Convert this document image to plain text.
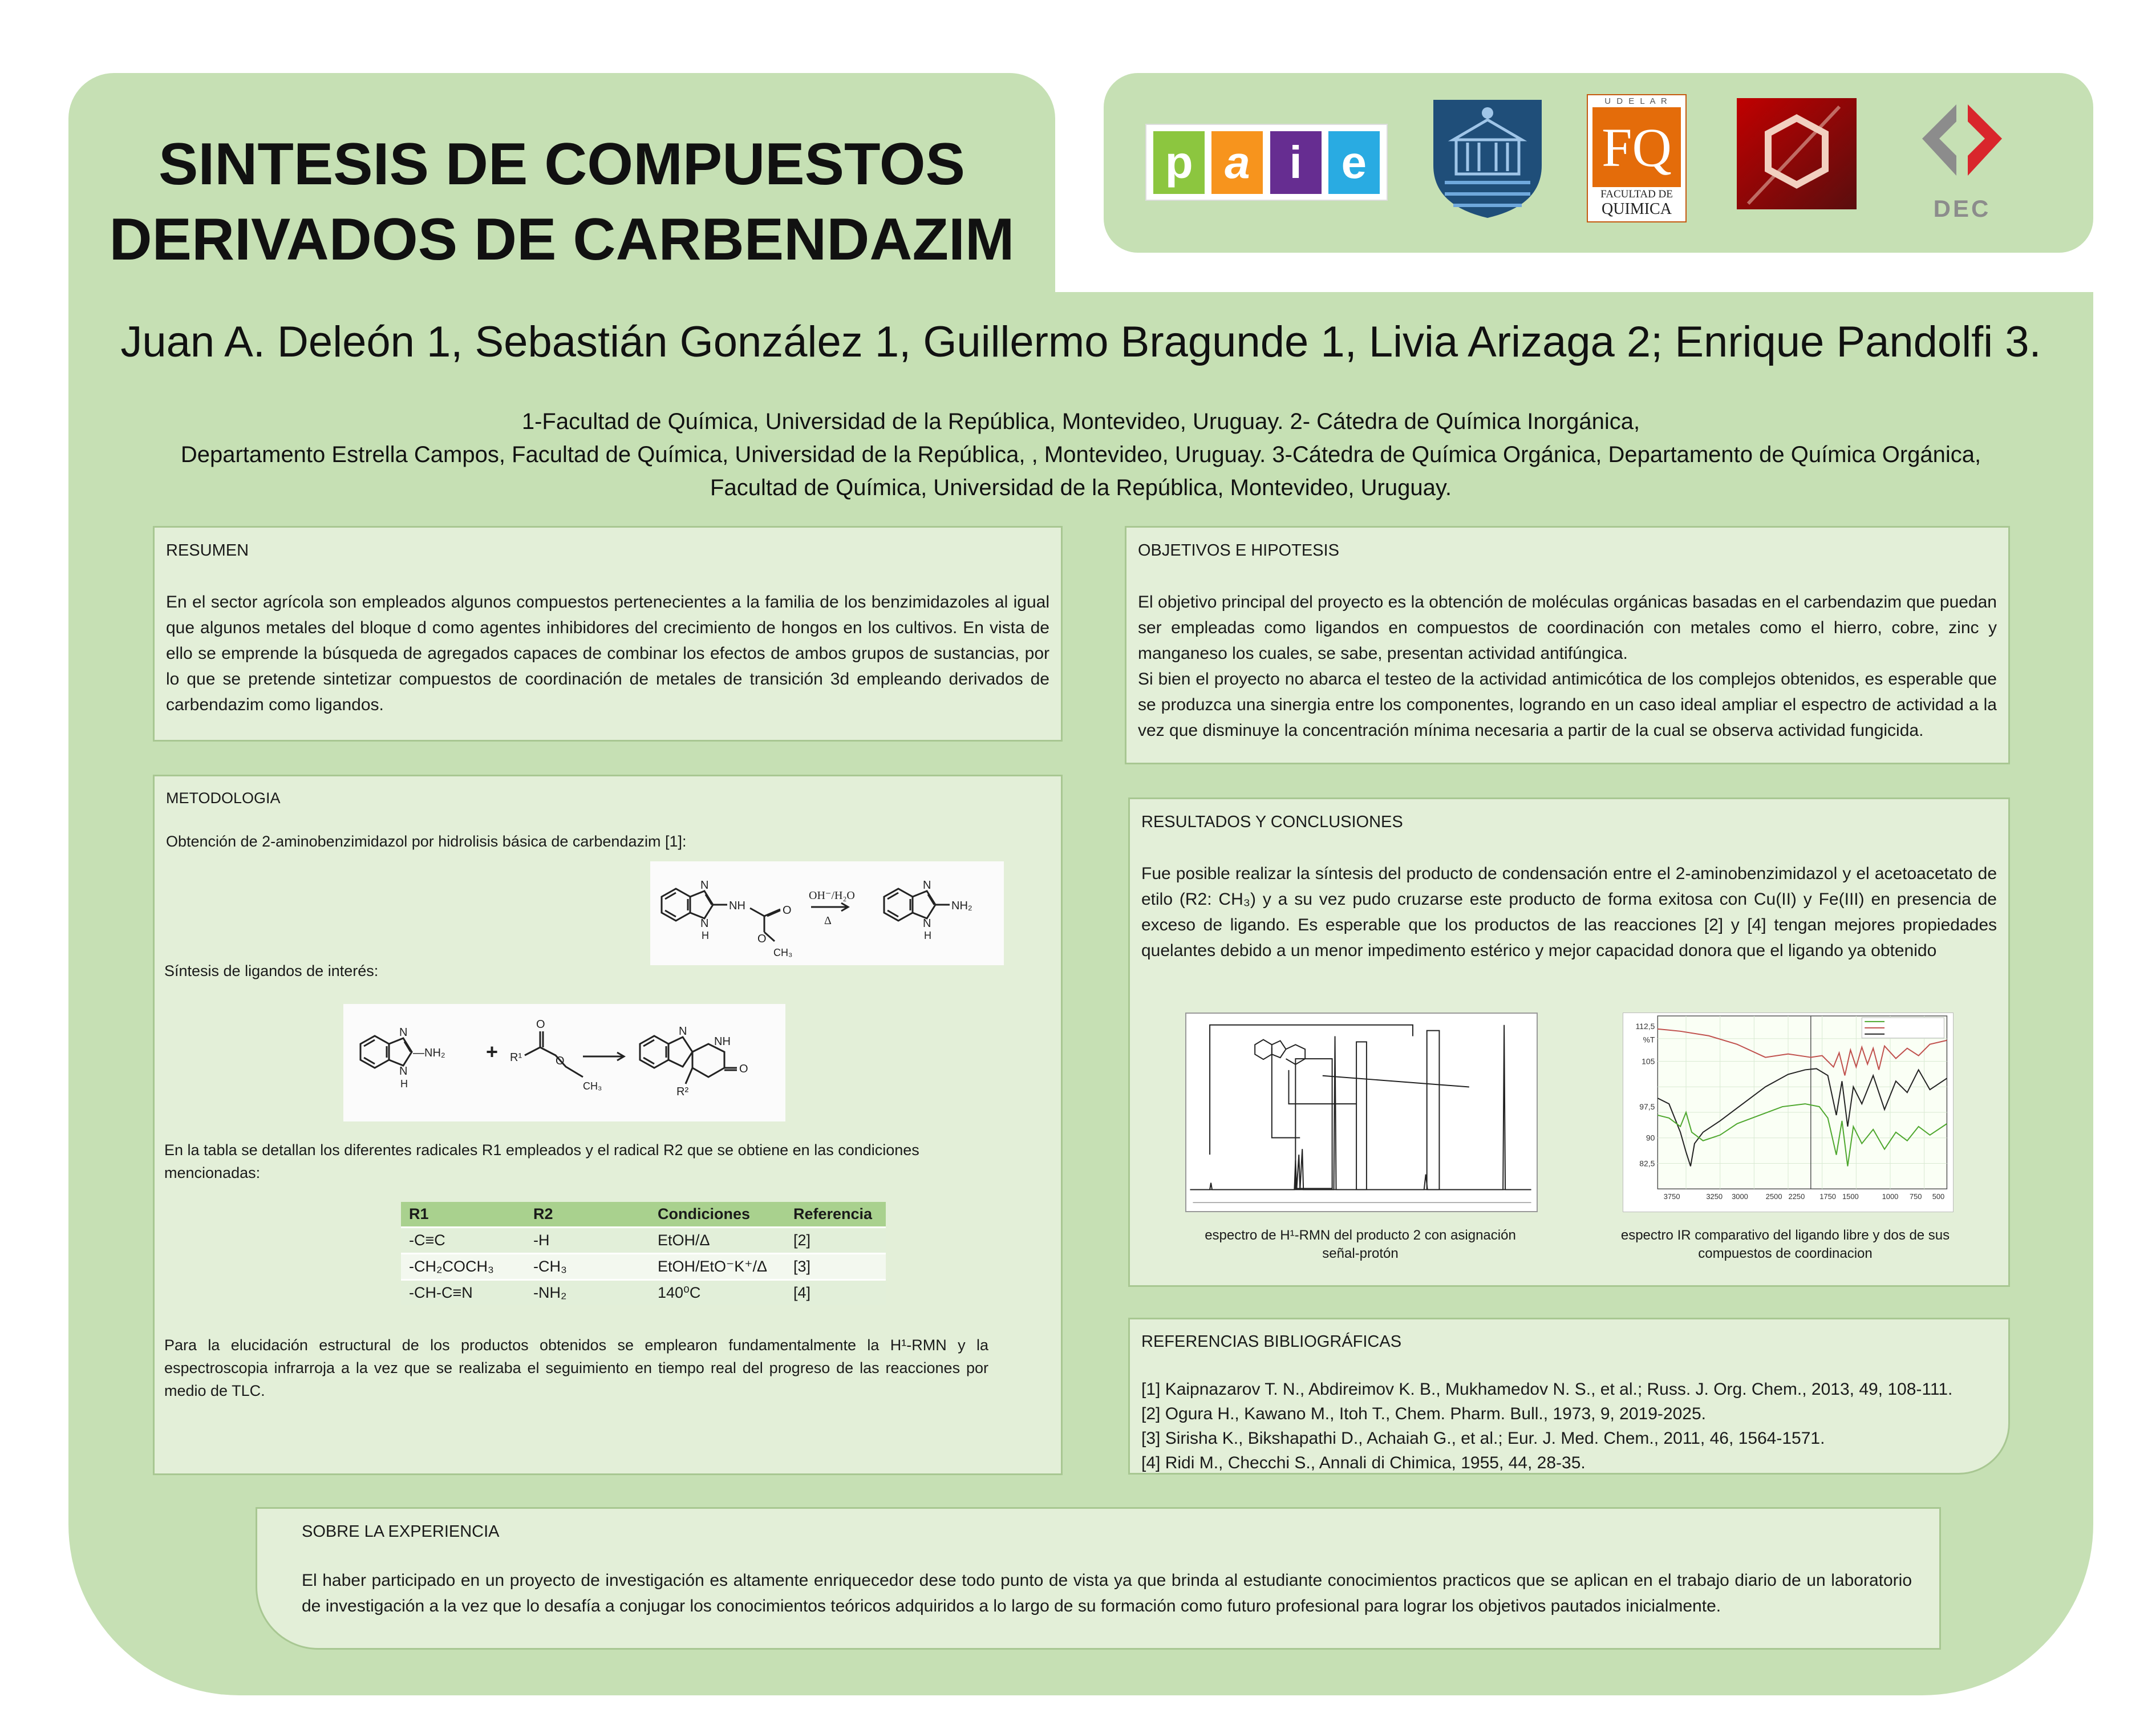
SINTESIS DE COMPUESTOS
DERIVADOS DE CARBENDAZIM
p a i e
U D E L A R
FQ
FACULTAD DE
QUIMICA	DEC
Juan A. Deleón 1, Sebastián González 1, Guillermo Bragunde 1, Livia Arizaga 2; Enrique Pandolfi 3.
1-Facultad de Química, Universidad de la República, Montevideo, Uruguay. 2- Cátedra de Química Inorgánica,
Departamento Estrella Campos, Facultad de Química, Universidad de la República, , Montevideo, Uruguay. 3-Cátedra de Química Orgánica, Departamento de Química Orgánica,
Facultad de Química, Universidad de la República, Montevideo, Uruguay.
RESUMEN
En el sector agrícola son empleados algunos compuestos pertenecientes a la familia de los benzimidazoles al igual que algunos metales del bloque d como agentes inhibidores del crecimiento de hongos en los cultivos. En vista de ello se emprende la búsqueda de agregados capaces de combinar los efectos de ambos grupos de sustancias, por lo que se pretende sintetizar compuestos de coordinación de metales de transición 3d empleando derivados de carbendazim como ligandos.
OBJETIVOS E HIPOTESIS
El objetivo principal del proyecto es la obtención de moléculas orgánicas basadas en el carbendazim que puedan ser empleadas como ligandos en compuestos de coordinación con metales como el hierro, cobre, zinc y manganeso los cuales, se sabe, presentan actividad antifúngica.
Si bien el proyecto no abarca el testeo de la actividad antimicótica de los complejos obtenidos, es esperable que se produzca una sinergia entre los componentes, logrando en un caso ideal ampliar el espectro de actividad a la vez que disminuye la concentración mínima necesaria a partir de la cual se observa actividad fungicida.
METODOLOGIA
Obtención de 2-aminobenzimidazol por hidrolisis básica de carbendazim [1]:
N
N
H
NH	O
O
CH₃
OH⁻/H₂O
Δ
N
N
H
NH₂
Síntesis de ligandos de interés:
N
N
H
—NH₂ + R¹
O
O
CH₃
N
NH
O
R²
En la tabla se detallan los diferentes radicales R1 empleados y el radical R2 que se obtiene en las condiciones mencionadas:
R1	R2	Condiciones	Referencia
-C≡C	-H	EtOH/Δ	[2]
-CH₂COCH₃	-CH₃	EtOH/EtO⁻K⁺/Δ	[3]
-CH-C≡N	-NH₂	140⁰C	[4]
Para la elucidación estructural de los productos obtenidos se emplearon fundamentalmente la H¹-RMN y la espectroscopia infrarroja a la vez que se realizaba el seguimiento en tiempo real del progreso de las reacciones por medio de TLC.
RESULTADOS Y CONCLUSIONES
Fue posible realizar la síntesis del producto de condensación entre el 2-aminobenzimidazol y el acetoacetato de etilo (R2: CH₃) y a su vez pudo cruzarse este producto de forma exitosa con Cu(II) y Fe(III) en presencia de exceso de ligando. Es esperable que los productos de las reacciones [2] y [4] tengan mejores propiedades quelantes debido a un menor impedimento estérico y mejor capacidad donora que el ligando ya obtenido
112,5
%T
105
97,5
90
82,5
3750	3250 3000 2500 2250 1750 1500	1000 750 500
espectro de H¹-RMN del producto 2 con asignación señal-protón
espectro IR comparativo del ligando libre y dos de sus compuestos de coordinacion
REFERENCIAS BIBLIOGRÁFICAS
[1] Kaipnazarov T. N., Abdireimov K. B., Mukhamedov N. S., et al.; Russ. J. Org. Chem., 2013, 49, 108-111.
[2] Ogura H., Kawano M., Itoh T., Chem. Pharm. Bull., 1973, 9, 2019-2025.
[3] Sirisha K., Bikshapathi D., Achaiah G., et al.; Eur. J. Med. Chem., 2011, 46, 1564-1571.
[4] Ridi M., Checchi S., Annali di Chimica, 1955, 44, 28-35.
SOBRE LA EXPERIENCIA
El haber participado en un proyecto de investigación es altamente enriquecedor dese todo punto de vista ya que brinda al estudiante conocimientos practicos que se aplican en el trabajo diario de un laboratorio de investigación a la vez que lo desafía a conjugar los conocimientos teóricos adquiridos a lo largo de su formación como futuro profesional para lograr los objetivos pautados inicialmente.
